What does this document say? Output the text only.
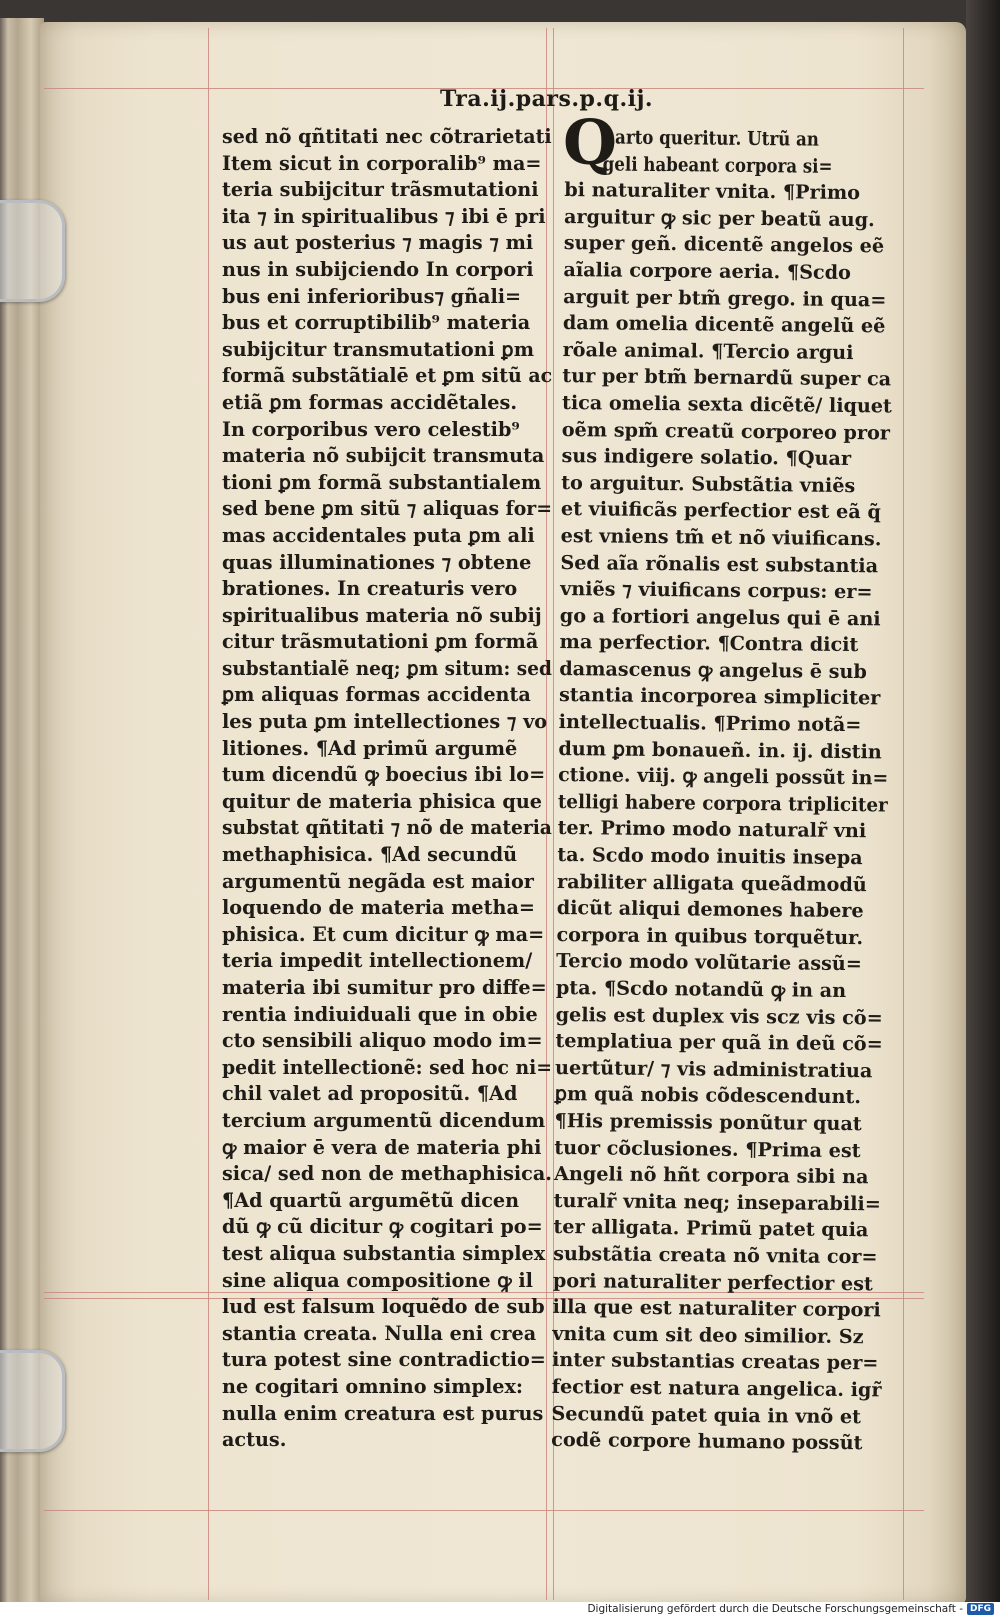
Tra.ij.pars.p.q.ij.
sed nõ qñtitati nec cõtrarietati
Item sicut in corporalib⁹ ma=
teria subijcitur trãsmutationi
ita ⁊ in spiritualibus ⁊ ibi ē pri
us aut posterius ⁊ magis ⁊ mi
nus in subijciendo In corpori
bus eni inferioribus⁊ gñali=
bus et corruptibilib⁹ materia
subijcitur transmutationi ꝑm
formã substãtialē et ꝑm sitũ ac
etiã ꝑm formas accidẽtales.
In corporibus vero celestib⁹
materia nõ subijcit transmuta
tioni ꝑm formã substantialem
sed bene ꝑm sitũ ⁊ aliquas for=
mas accidentales puta ꝑm ali
quas illuminationes ⁊ obtene
brationes. In creaturis vero
spiritualibus materia nõ subij
citur trãsmutationi ꝑm formã
substantialẽ neq; ꝑm situm: sed
ꝑm aliquas formas accidenta
les puta ꝑm intellectiones ⁊ vo
litiones. ¶Ad primũ argumẽ
tum dicendũ ꝙ boecius ibi lo=
quitur de materia phisica que
substat qñtitati ⁊ nõ de materia
methaphisica. ¶Ad secundũ
argumentũ negãda est maior
loquendo de materia metha=
phisica. Et cum dicitur ꝙ ma=
teria impedit intellectionem/
materia ibi sumitur pro diffe=
rentia indiuiduali que in obie
cto sensibili aliquo modo im=
pedit intellectionẽ: sed hoc ni=
chil valet ad propositũ. ¶Ad
tercium argumentũ dicendum
ꝙ maior ē vera de materia phi
sica/ sed non de methaphisica.
¶Ad quartũ argumẽtũ dicen
dũ ꝙ cũ dicitur ꝙ cogitari po=
test aliqua substantia simplex
sine aliqua compositione ꝙ il
lud est falsum loquẽdo de sub
stantia creata. Nulla eni crea
tura potest sine contradictio=
ne cogitari omnino simplex:
nulla enim creatura est purus
actus.
Q
uarto queritur. Utrũ an
geli habeant corpora si=
bi naturaliter vnita. ¶Primo
arguitur ꝙ sic per beatũ aug.
super geñ. dicentẽ angelos eẽ
aĩalia corpore aeria. ¶Scdo
arguit per btm̃ grego. in qua=
dam omelia dicentẽ angelũ eẽ
rõale animal. ¶Tercio argui
tur per btm̃ bernardũ super ca
tica omelia sexta dicẽtẽ/ liquet
oẽm spm̃ creatũ corporeo pror
sus indigere solatio. ¶Quar
to arguitur. Substãtia vniẽs
et viuificãs perfectior est eã q̃
est vniens tm̃ et nõ viuificans.
Sed aĩa rõnalis est substantia
vniẽs ⁊ viuificans corpus: er=
go a fortiori angelus qui ē ani
ma perfectior. ¶Contra dicit
damascenus ꝙ angelus ē sub
stantia incorporea simpliciter
intellectualis. ¶Primo notã=
dum ꝑm bonaueñ. in. ij. distin
ctione. viij. ꝙ angeli possũt in=
telligi habere corpora tripliciter
ter. Primo modo naturalr̃ vni
ta. Scdo modo inuitis insepa
rabiliter alligata queãdmodũ
dicũt aliqui demones habere
corpora in quibus torquẽtur.
Tercio modo volũtarie assũ=
pta. ¶Scdo notandũ ꝙ in an
gelis est duplex vis scz vis cõ=
templatiua per quã in deũ cõ=
uertũtur/ ⁊ vis administratiua
ꝑm quã nobis cõdescendunt.
¶His premissis ponũtur quat
tuor cõclusiones. ¶Prima est
Angeli nõ hñt corpora sibi na
turalr̃ vnita neq; inseparabili=
ter alligata. Primũ patet quia
substãtia creata nõ vnita cor=
pori naturaliter perfectior est
illa que est naturaliter corpori
vnita cum sit deo similior. Sz
inter substantias creatas per=
fectior est natura angelica. igr̃
Secundũ patet quia in vnõ et
codẽ corpore humano possũt
Digitalisierung gefördert durch die Deutsche Forschungsgemeinschaft - DFG
